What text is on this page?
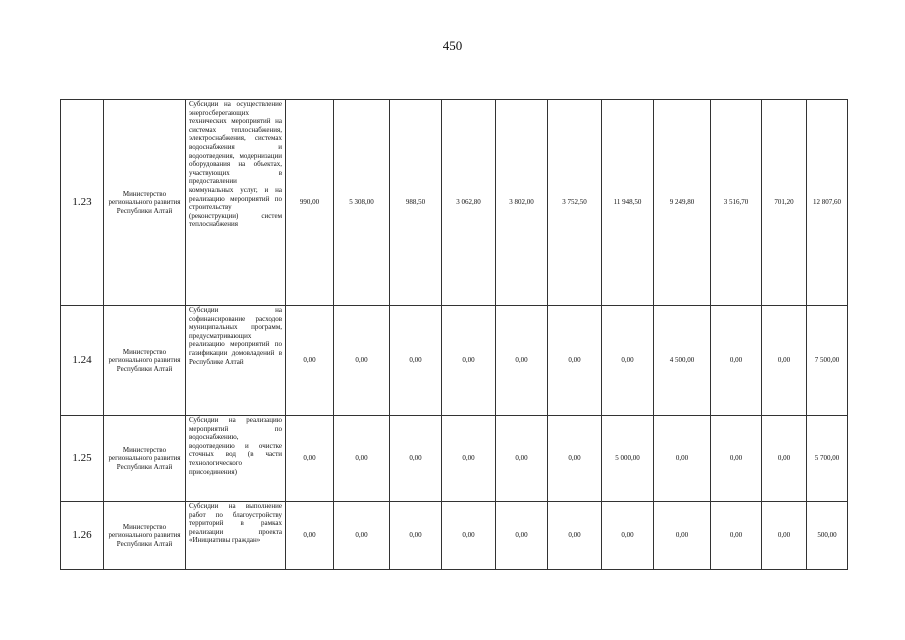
450
1.23	Министерство регионального развития Республики Алтай	Субсидии на осуществление энергосберегающих технических мероприятий на системах теплоснабжения, электроснабжения, системах водоснабжения и водоотведения, модернизации оборудования на объектах, участвующих в предоставлении коммунальных услуг, и на реализацию мероприятий по строительству (реконструкции) систем теплоснабжения	990,00	5 308,00	988,50	3 062,80	3 802,00	3 752,50	11 948,50	9 249,80	3 516,70	701,20	12 807,60
1.24	Министерство регионального развития Республики Алтай	Субсидии на софинансирование расходов муниципальных программ, предусматривающих реализацию мероприятий по газификации домовладений в Республике Алтай	0,00	0,00	0,00	0,00	0,00	0,00	0,00	4 500,00	0,00	0,00	7 500,00
1.25	Министерство регионального развития Республики Алтай	Субсидии на реализацию мероприятий по водоснабжению, водоотведению и очистке сточных вод (в части технологического присоединения)	0,00	0,00	0,00	0,00	0,00	0,00	5 000,00	0,00	0,00	0,00	5 700,00
1.26	Министерство регионального развития Республики Алтай	Субсидии на выполнение работ по благоустройству территорий в рамках реализации проекта «Инициативы граждан»	0,00	0,00	0,00	0,00	0,00	0,00	0,00	0,00	0,00	0,00	500,00
